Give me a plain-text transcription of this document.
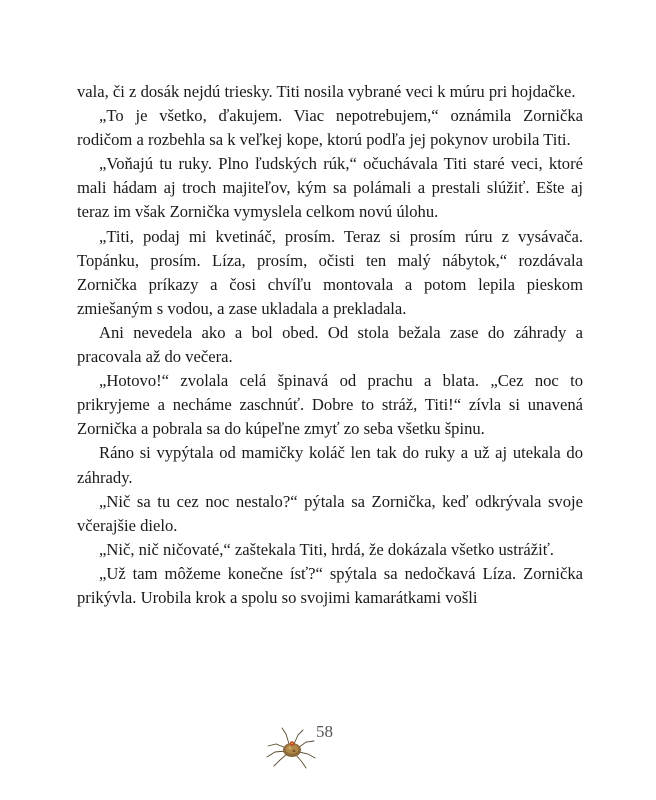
vala, či z dosák nejdú triesky. Titi nosila vybrané veci k múru pri hojdačke.

„To je všetko, ďakujem. Viac nepotrebujem,“ oznámila Zornička rodičom a rozbehla sa k veľkej kope, ktorú podľa jej pokynov urobila Titi.

„Voňajú tu ruky. Plno ľudských rúk,“ očuchávala Titi staré veci, ktoré mali hádam aj troch majiteľov, kým sa polámali a prestali slúžiť. Ešte aj teraz im však Zornička vymyslela celkom novú úlohu.

„Titi, podaj mi kvetináč, prosím. Teraz si prosím rúru z vysávača. Topánku, prosím. Líza, prosím, očisti ten malý nábytok,“ rozdávala Zornička príkazy a čosi chvíľu montovala a potom lepila pieskom zmiešaným s vodou, a zase ukladala a prekladala.

Ani nevedela ako a bol obed. Od stola bežala zase do záhrady a pracovala až do večera.

„Hotovo!“ zvolala celá špinavá od prachu a blata. „Cez noc to prikryjeme a necháme zaschnúť. Dobre to stráž, Titi!“ zívla si unavená Zornička a pobrala sa do kúpeľne zmyť zo seba všetku špinu.

Ráno si vypýtala od mamičky koláč len tak do ruky a už aj utekala do záhrady.

„Nič sa tu cez noc nestalo?“ pýtala sa Zornička, keď odkrývala svoje včerajšie dielo.

„Nič, nič ničovaté,“ zaštekala Titi, hrdá, že dokázala všetko ustrážiť.

„Už tam môžeme konečne ísť?“ spýtala sa nedočkavá Líza. Zornička prikývla. Urobila krok a spolu so svojimi kamarátkami vošli

58
